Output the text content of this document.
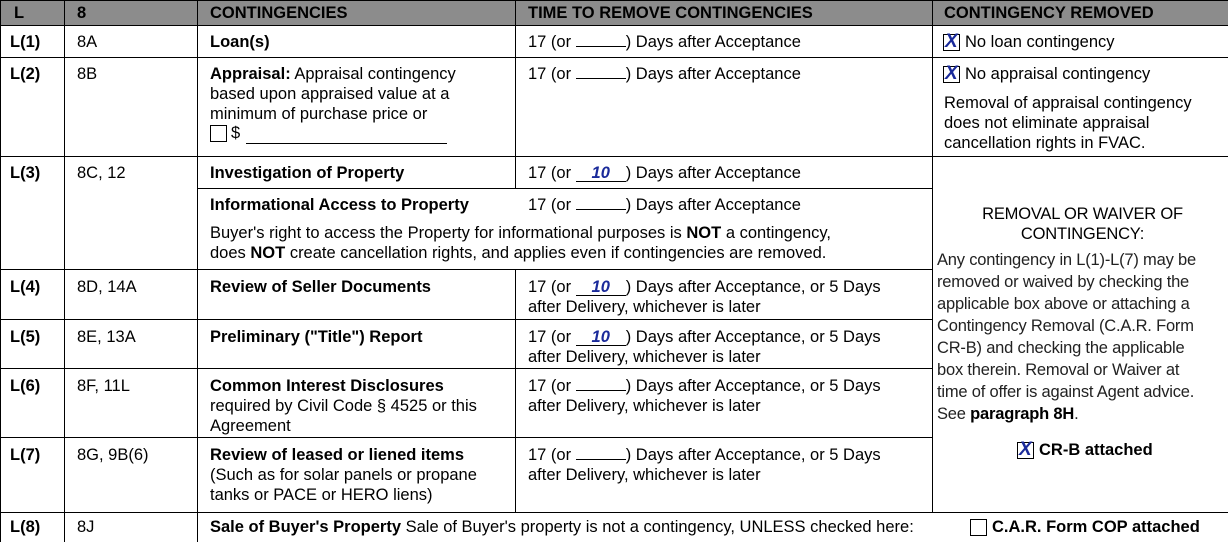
L	8	CONTINGENCIES	TIME TO REMOVE CONTINGENCIES	CONTINGENCY REMOVED
L(1) 8A	Loan(s)	17 (or	) Days after Acceptance	X No loan contingency
L(2) 8B	Appraisal: Appraisal contingency
based upon appraised value at a
minimum of purchase price or
$
17 (or	) Days after Acceptance	X No appraisal contingency
Removal of appraisal contingency
does not eliminate appraisal
cancellation rights in FVAC.
L(3) 8C, 12	Investigation of Property	17 (or 10 ) Days after Acceptance
Informational Access to Property	17 (or	) Days after Acceptance
Buyer's right to access the Property for informational purposes is NOT a contingency,
does NOT create cancellation rights, and applies even if contingencies are removed.
L(4) 8D, 14A	Review of Seller Documents	17 (or 10 ) Days after Acceptance, or 5 Days
after Delivery, whichever is later
L(5) 8E, 13A	Preliminary ("Title") Report	17 (or 10 ) Days after Acceptance, or 5 Days
after Delivery, whichever is later
L(6) 8F, 11L	Common Interest Disclosures
required by Civil Code § 4525 or this
Agreement
17 (or	) Days after Acceptance, or 5 Days
after Delivery, whichever is later
L(7) 8G, 9B(6)	Review of leased or liened items
(Such as for solar panels or propane
tanks or PACE or HERO liens)
17 (or	) Days after Acceptance, or 5 Days
after Delivery, whichever is later
REMOVAL OR WAIVER OF
CONTINGENCY:
Any contingency in L(1)-L(7) may be
removed or waived by checking the
applicable box above or attaching a
Contingency Removal (C.A.R. Form
CR-B) and checking the applicable
box therein. Removal or Waiver at
time of offer is against Agent advice.
See paragraph 8H.
X CR-B attached
L(8) 8J	Sale of Buyer's Property Sale of Buyer's property is not a contingency, UNLESS checked here:	C.A.R. Form COP attached
